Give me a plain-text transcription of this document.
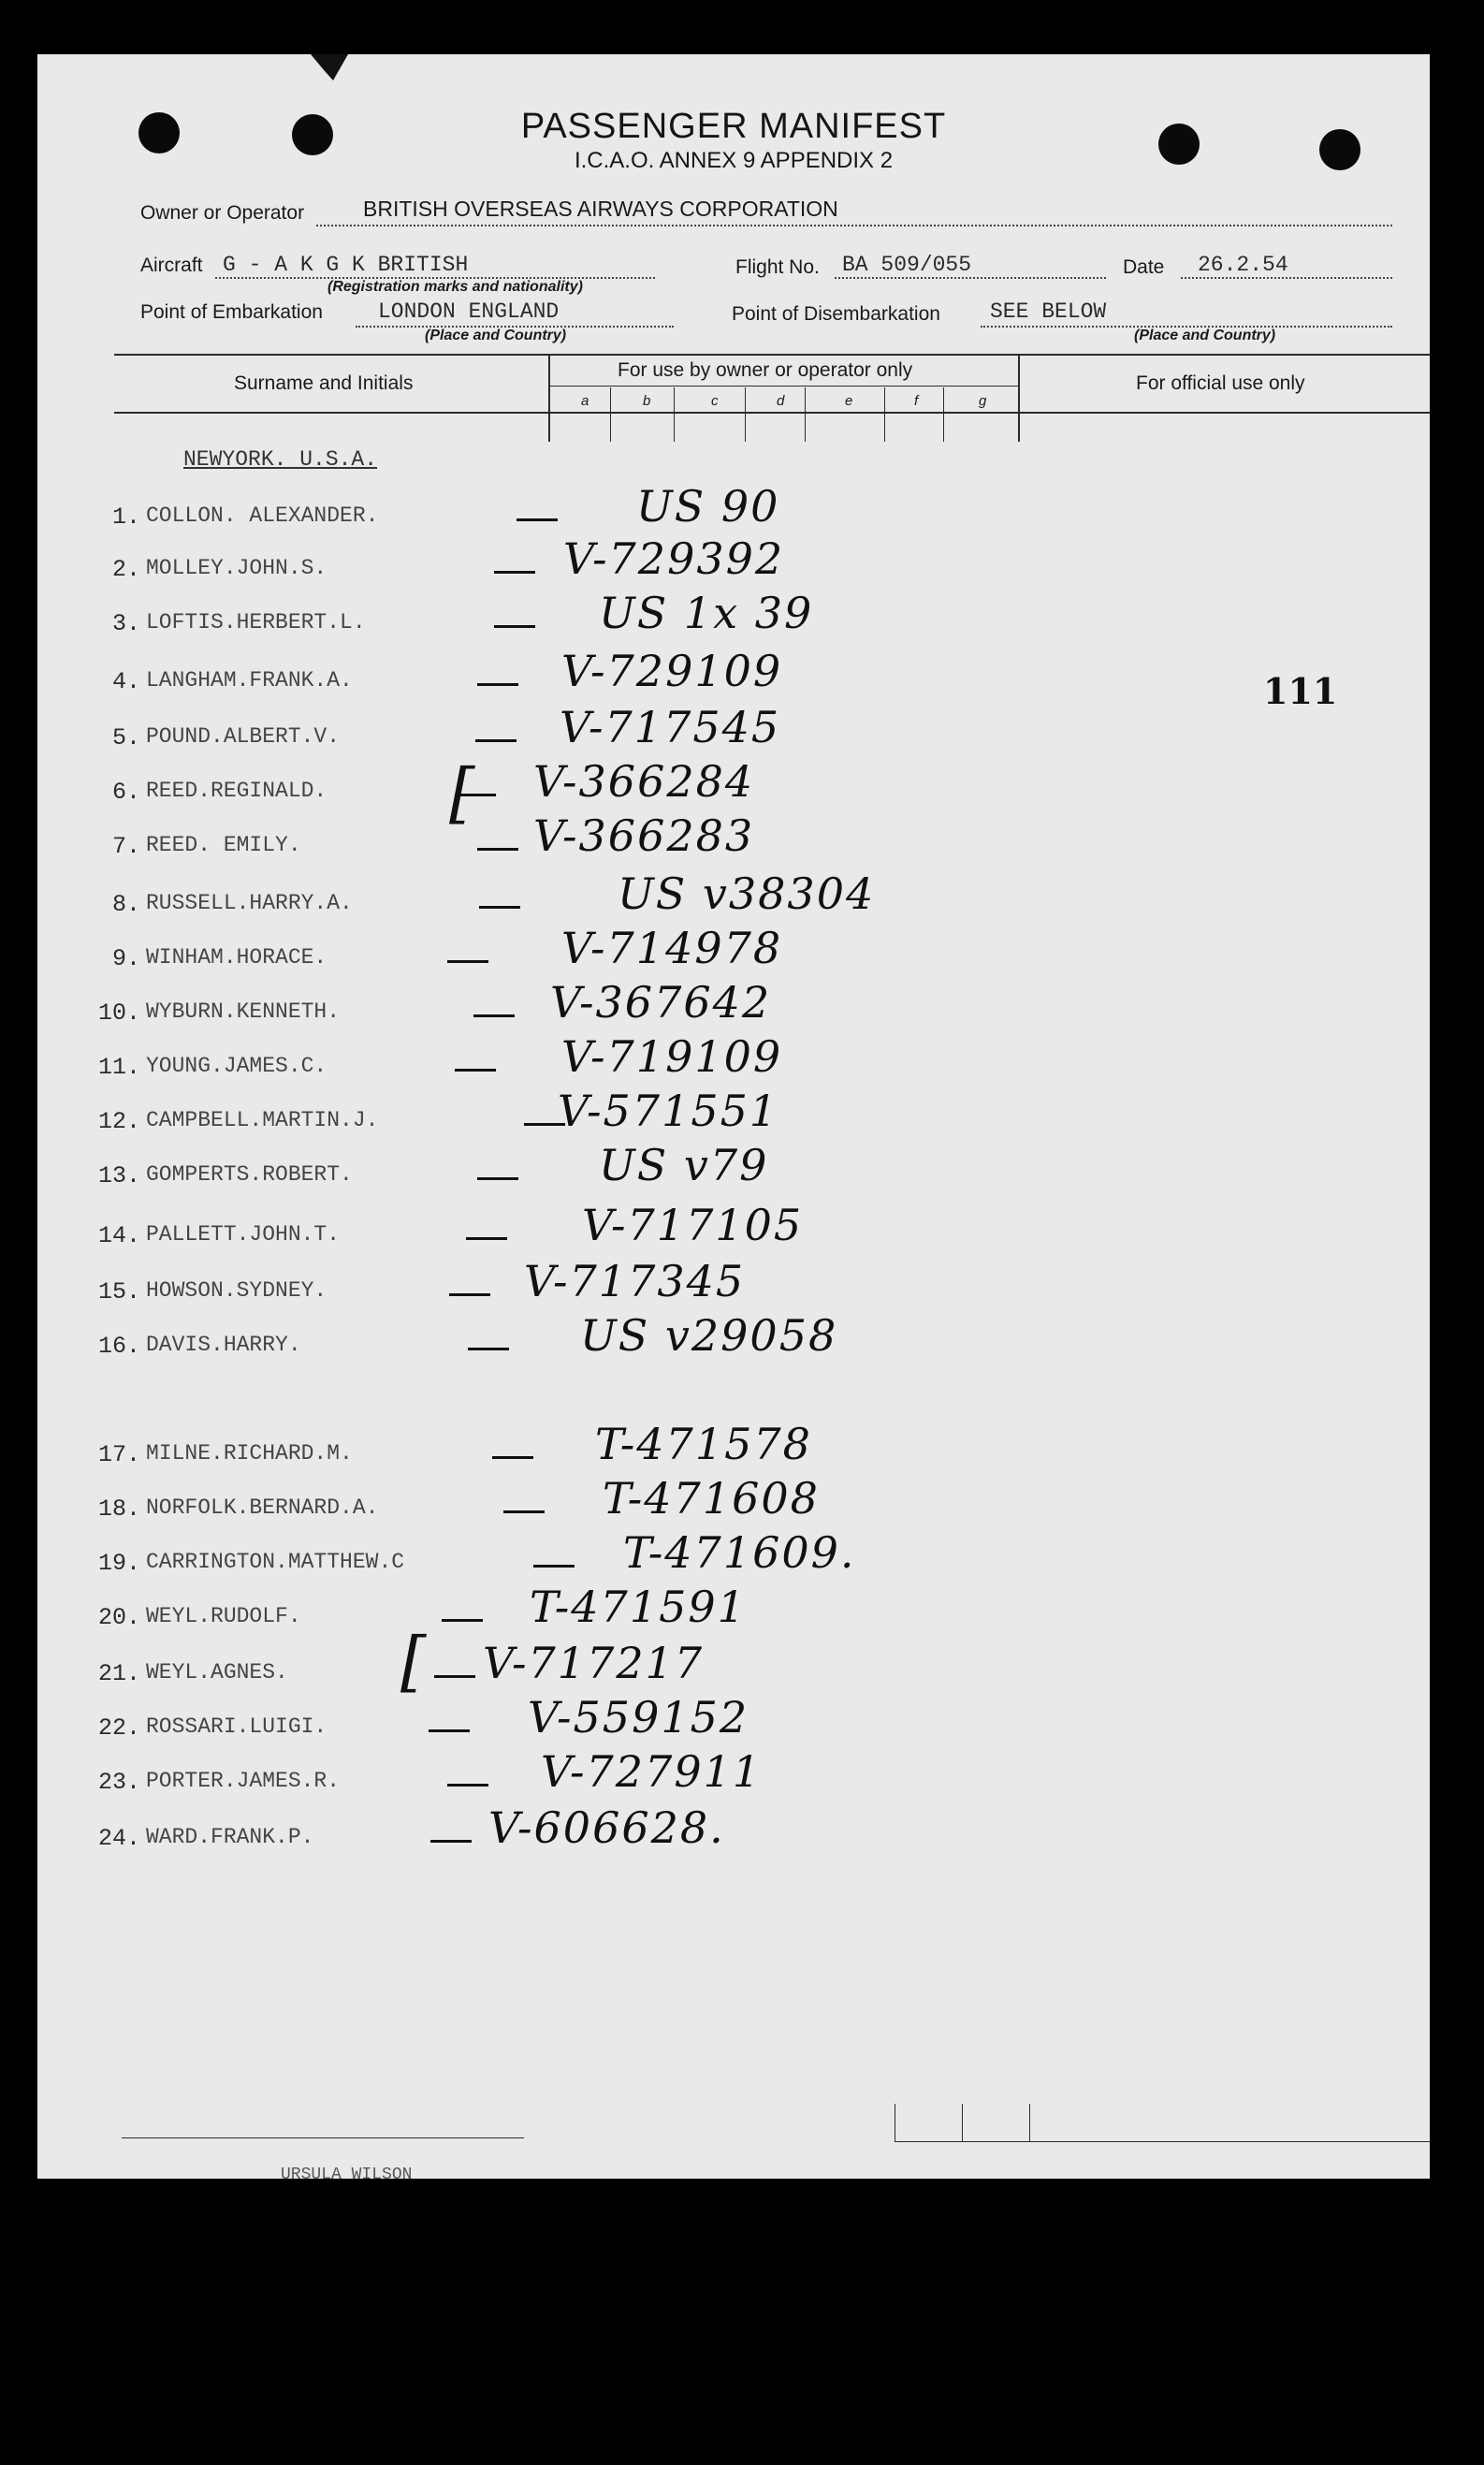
PASSENGER MANIFEST
I.C.A.O. ANNEX 9 APPENDIX 2
Owner or Operator	BRITISH OVERSEAS AIRWAYS CORPORATION
Aircraft G - A K G K BRITISH
(Registration marks and nationality)
Flight No. BA 509/055	Date 26.2.54
Point of Embarkation	LONDON ENGLAND
(Place and Country)
Point of Disembarkation SEE BELOW
(Place and Country)
Surname and Initials
For use by owner or operator only
For official use only
a	b	c	d	e	f	g
NEWYORK. U.S.A.
111
1. COLLON. ALEXANDER.	US 90
2. MOLLEY.JOHN.S.	V-729392
3. LOFTIS.HERBERT.L.	US 1x 39
4. LANGHAM.FRANK.A.	V-729109
5. POUND.ALBERT.V.	V-717545
6. REED.REGINALD.	V-366284
7. REED. EMILY.	V-366283
8. RUSSELL.HARRY.A.	US v38304
9. WINHAM.HORACE.	V-714978
10. WYBURN.KENNETH.	V-367642
11. YOUNG.JAMES.C.	V-719109
12. CAMPBELL.MARTIN.J.	V-571551
13. GOMPERTS.ROBERT.	US v79
14. PALLETT.JOHN.T.	V-717105
15. HOWSON.SYDNEY.	V-717345
16. DAVIS.HARRY.	US v29058
17. MILNE.RICHARD.M.	T-471578
18. NORFOLK.BERNARD.A.	T-471608
19. CARRINGTON.MATTHEW.C	T-471609.
20. WEYL.RUDOLF.	T-471591
21. WEYL.AGNES.	V-717217
22. ROSSARI.LUIGI.	V-559152
23. PORTER.JAMES.R.	V-727911
24. WARD.FRANK.P.	V-606628.
[
[
URSULA WILSON
